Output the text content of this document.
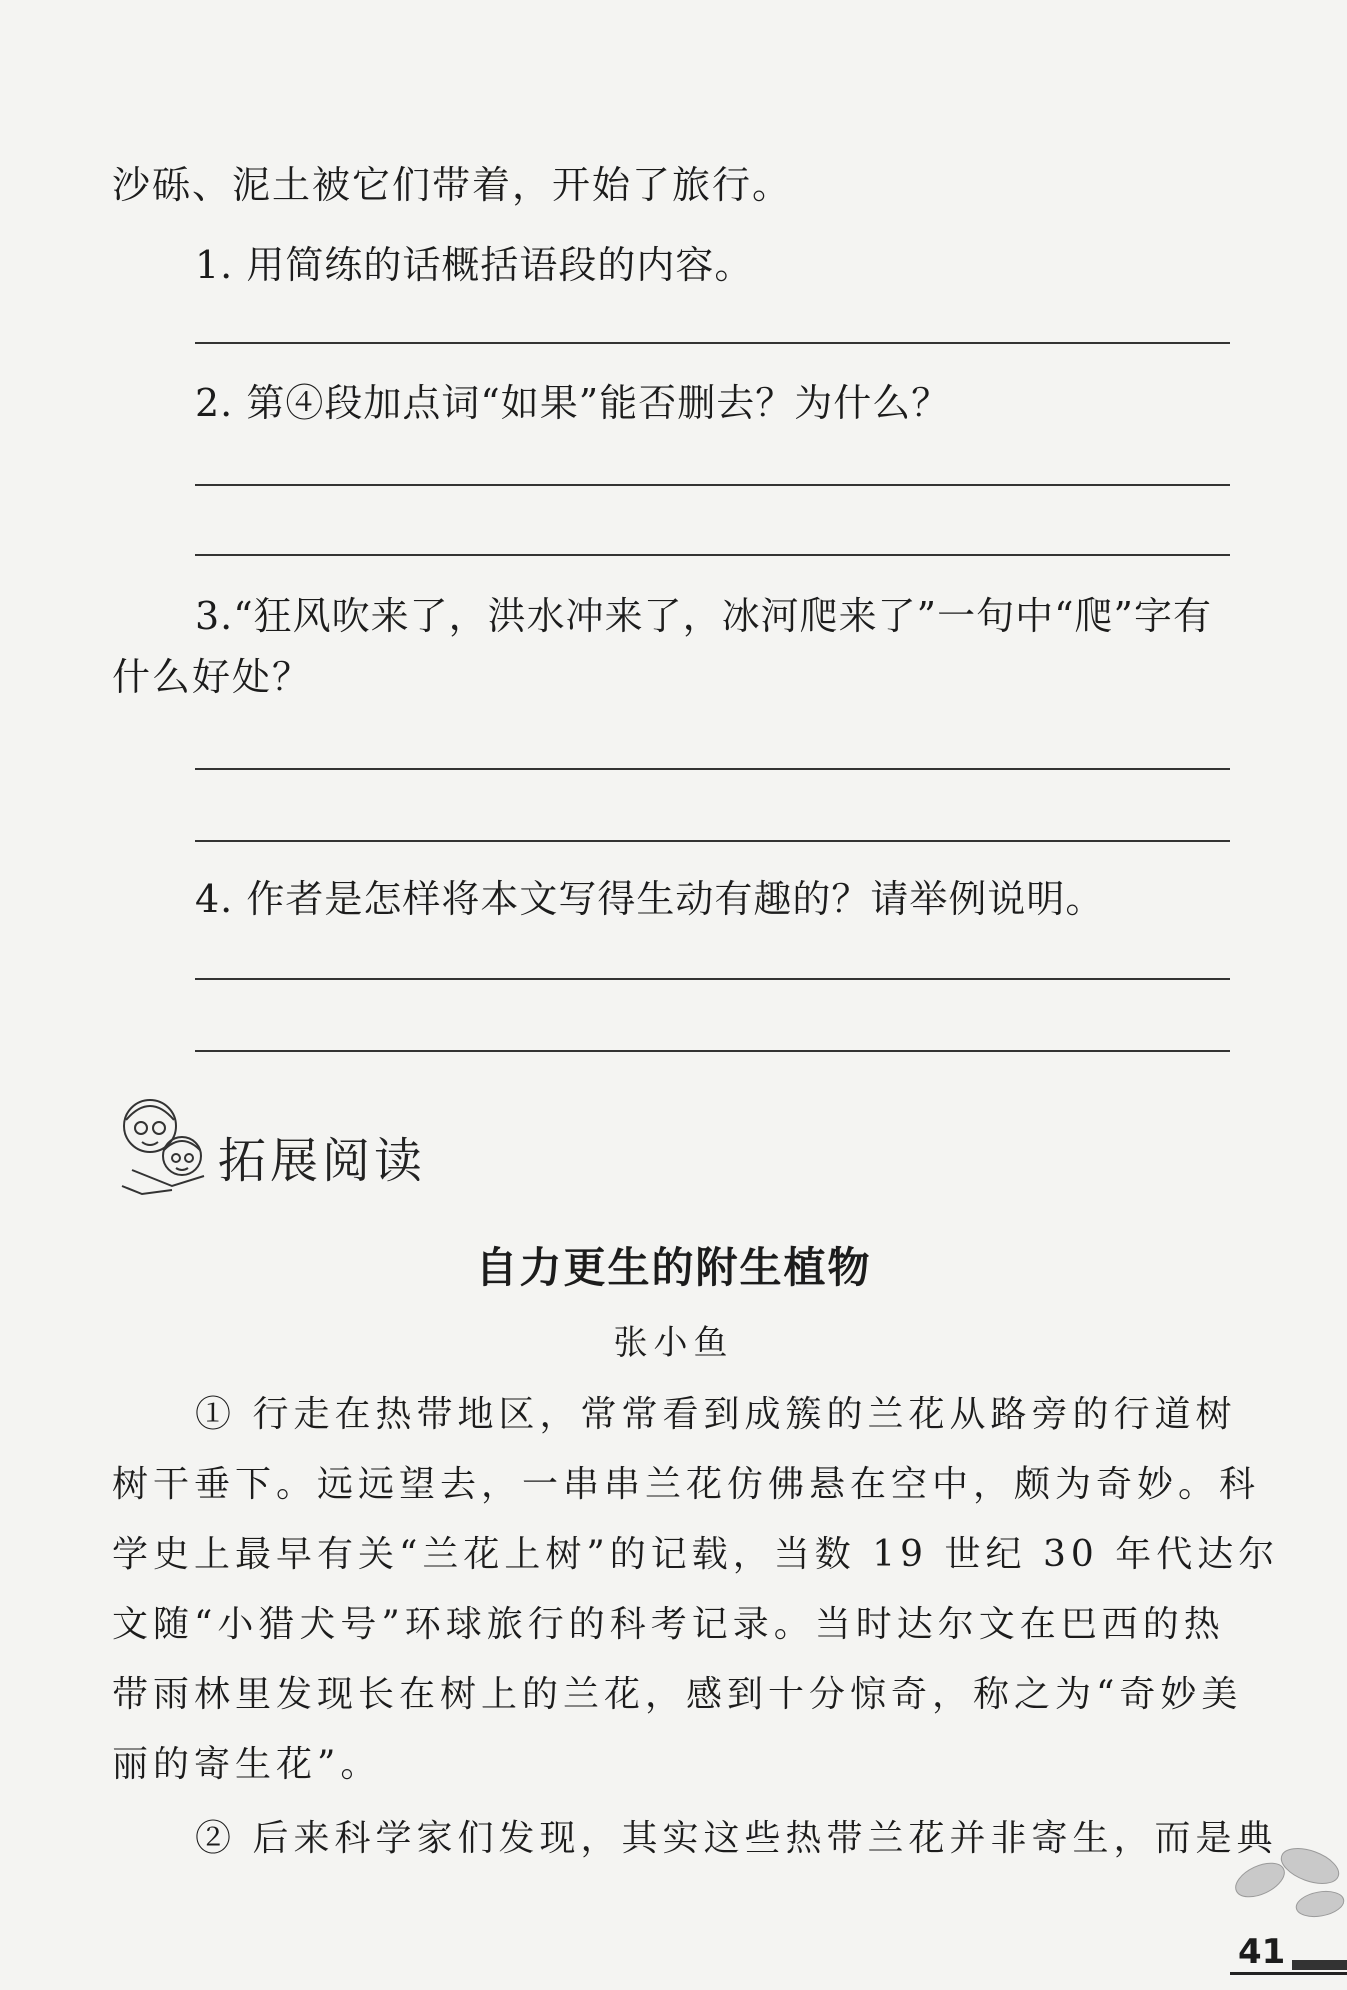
沙砾、泥土被它们带着，开始了旅行。
1. 用简练的话概括语段的内容。
2. 第④段加点词“如果”能否删去？为什么？
3.“狂风吹来了，洪水冲来了，冰河爬来了”一句中“爬”字有
什么好处？
4. 作者是怎样将本文写得生动有趣的？请举例说明。
拓展阅读
自力更生的附生植物
张小鱼
① 行走在热带地区，常常看到成簇的兰花从路旁的行道树
树干垂下。远远望去，一串串兰花仿佛悬在空中，颇为奇妙。科
学史上最早有关“兰花上树”的记载，当数 19 世纪 30 年代达尔
文随“小猎犬号”环球旅行的科考记录。当时达尔文在巴西的热
带雨林里发现长在树上的兰花，感到十分惊奇，称之为“奇妙美
丽的寄生花”。
② 后来科学家们发现，其实这些热带兰花并非寄生，而是典
41
